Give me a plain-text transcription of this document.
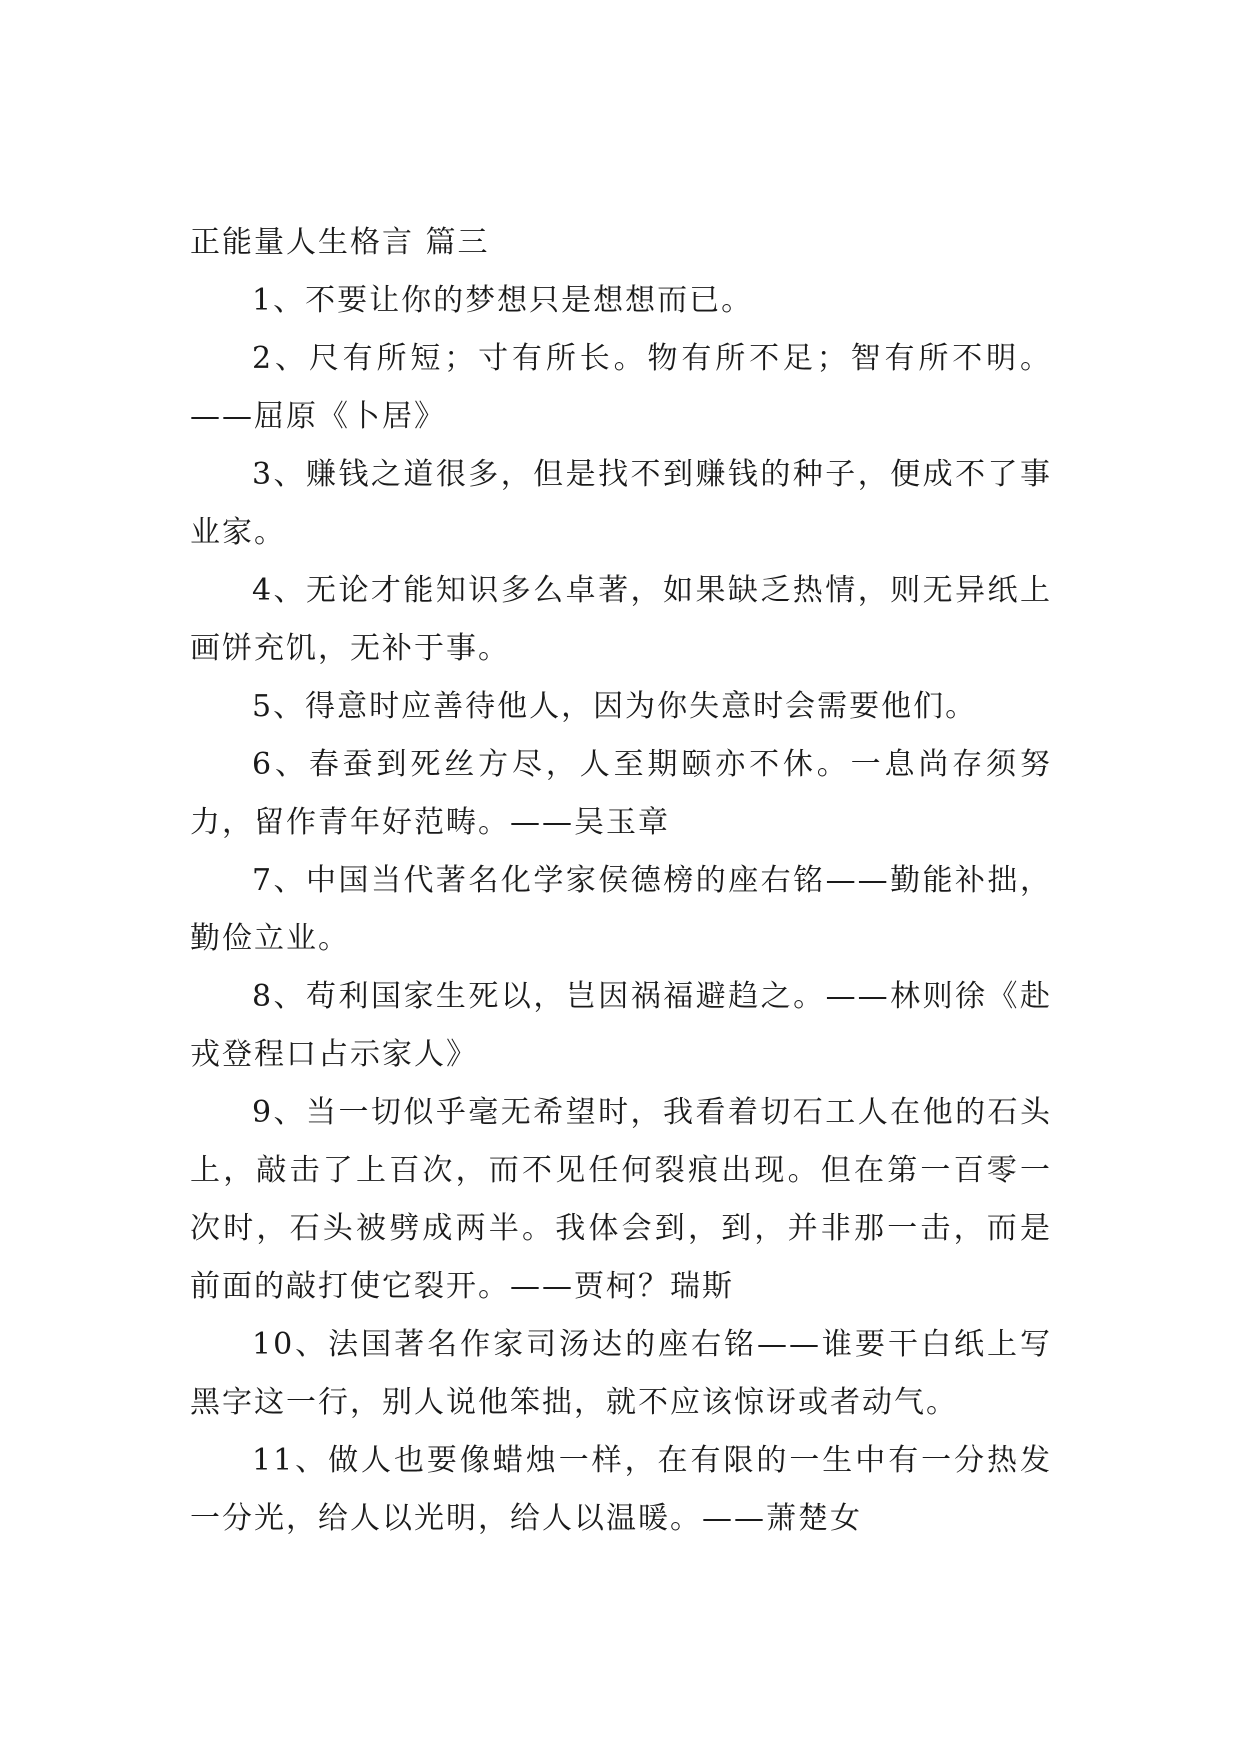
正能量人生格言 篇三

1、不要让你的梦想只是想想而已。

2、尺有所短；寸有所长。物有所不足；智有所不明。——屈原《卜居》

3、赚钱之道很多，但是找不到赚钱的种子，便成不了事业家。

4、无论才能知识多么卓著，如果缺乏热情，则无异纸上画饼充饥，无补于事。

5、得意时应善待他人，因为你失意时会需要他们。

6、春蚕到死丝方尽，人至期颐亦不休。一息尚存须努力，留作青年好范畴。——吴玉章

7、中国当代著名化学家侯德榜的座右铭——勤能补拙，勤俭立业。

8、苟利国家生死以，岂因祸福避趋之。——林则徐《赴戎登程口占示家人》

9、当一切似乎毫无希望时，我看着切石工人在他的石头上，敲击了上百次，而不见任何裂痕出现。但在第一百零一次时，石头被劈成两半。我体会到，到，并非那一击，而是前面的敲打使它裂开。——贾柯？瑞斯

10、法国著名作家司汤达的座右铭——谁要干白纸上写黑字这一行，别人说他笨拙，就不应该惊讶或者动气。

11、做人也要像蜡烛一样，在有限的一生中有一分热发一分光，给人以光明，给人以温暖。——萧楚女
